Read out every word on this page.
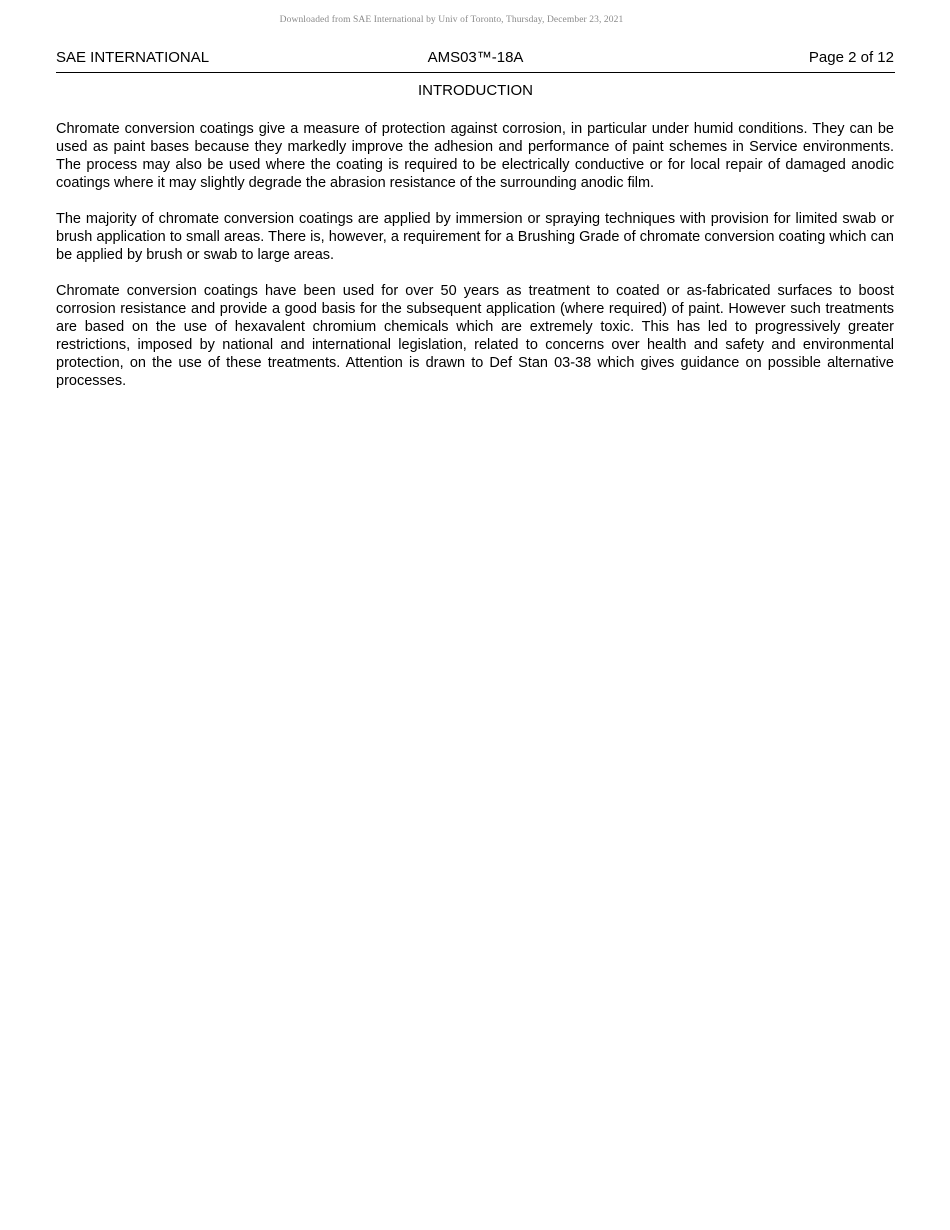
Downloaded from SAE International by Univ of Toronto, Thursday, December 23, 2021
AMS03™-18A
SAE INTERNATIONAL	Page 2 of 12
INTRODUCTION

Chromate conversion coatings give a measure of protection against corrosion, in particular under humid conditions. They can be used as paint bases because they markedly improve the adhesion and performance of paint schemes in Service environments. The process may also be used where the coating is required to be electrically conductive or for local repair of damaged anodic coatings where it may slightly degrade the abrasion resistance of the surrounding anodic film.

The majority of chromate conversion coatings are applied by immersion or spraying techniques with provision for limited swab or brush application to small areas. There is, however, a requirement for a Brushing Grade of chromate conversion coating which can be applied by brush or swab to large areas.

Chromate conversion coatings have been used for over 50 years as treatment to coated or as-fabricated surfaces to boost corrosion resistance and provide a good basis for the subsequent application (where required) of paint. However such treatments are based on the use of hexavalent chromium chemicals which are extremely toxic. This has led to progressively greater restrictions, imposed by national and international legislation, related to concerns over health and safety and environmental protection, on the use of these treatments. Attention is drawn to Def Stan 03-38 which gives guidance on possible alternative processes.
